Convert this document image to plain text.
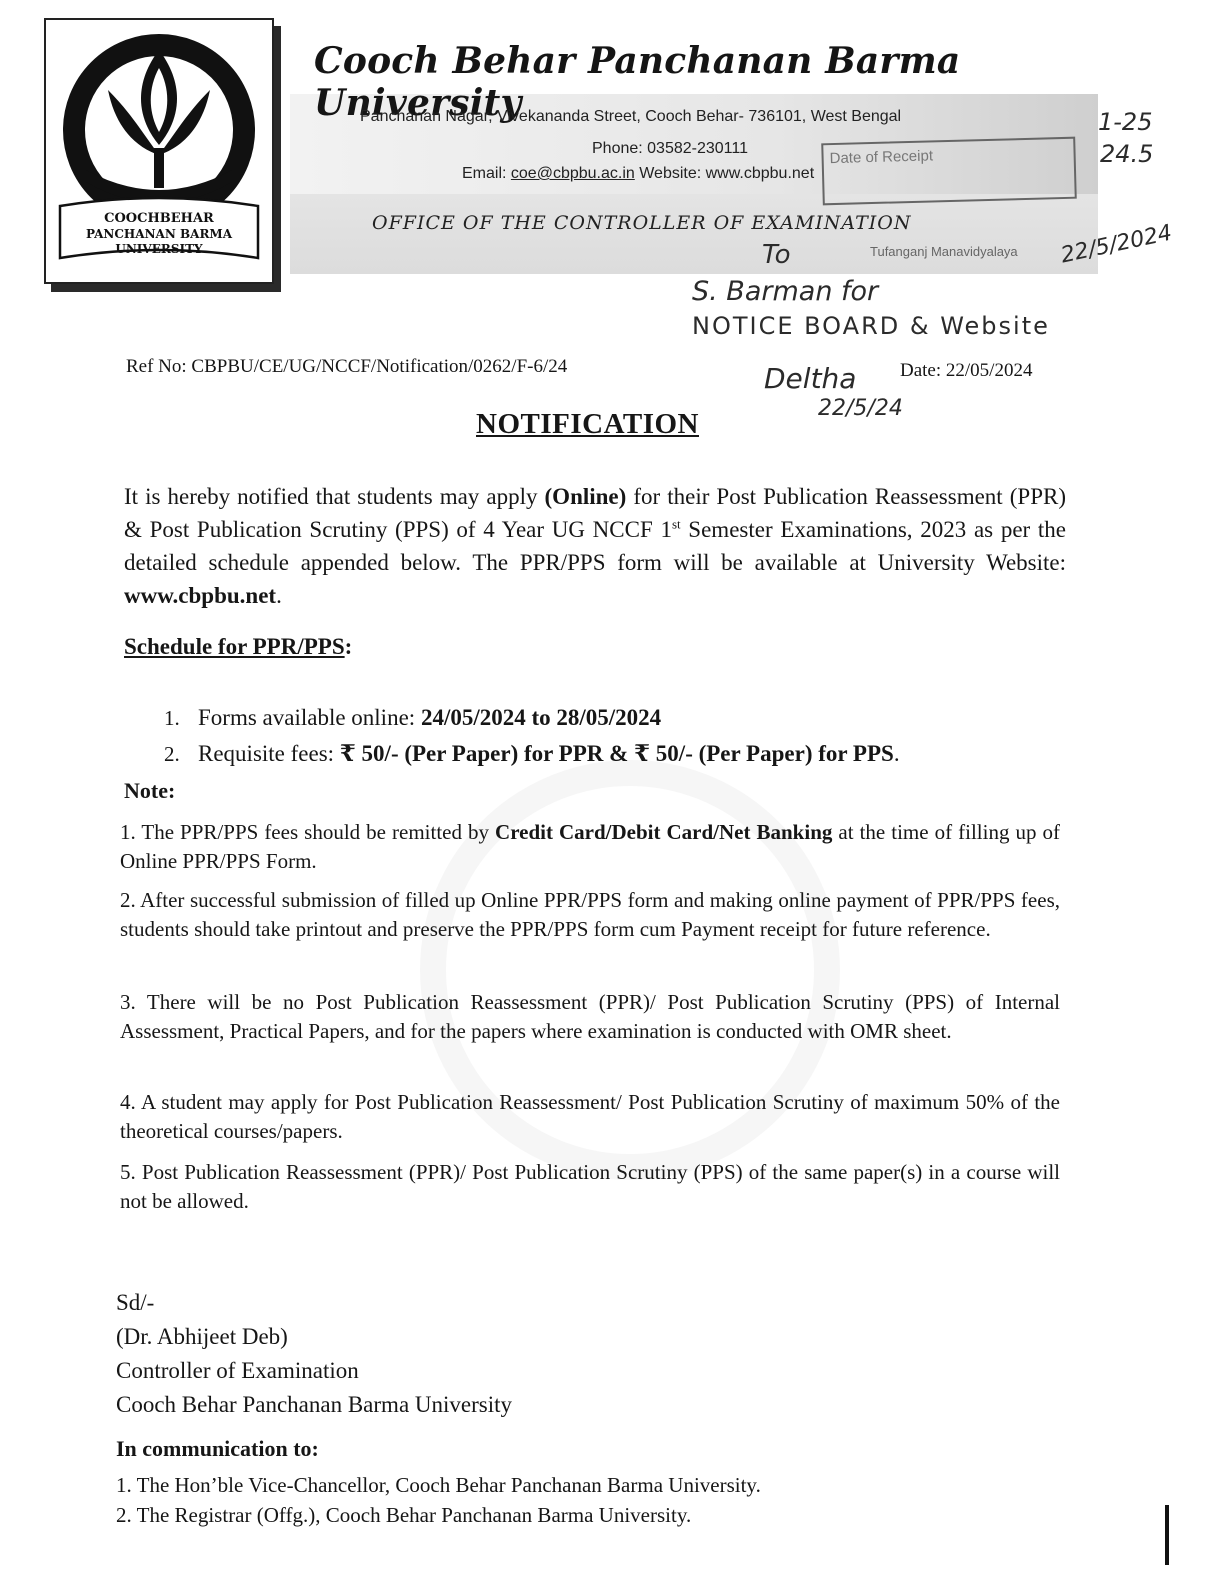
COOCHBEHAR
PANCHANAN BARMA
UNIVERSITY
Cooch Behar Panchanan Barma University
Panchanan Nagar, Vivekananda Street, Cooch Behar- 736101, West Bengal
Phone: 03582-230111
Email: coe@cbpbu.ac.in Website: www.cbpbu.net
OFFICE OF THE CONTROLLER OF EXAMINATION
Date of Receipt
Tufanganj Manavidyalaya
1-25
24.5
22/5/2024
To
S. Barman for
NOTICE BOARD & Website
Deltha
22/5/24
Ref No: CBPBU/CE/UG/NCCF/Notification/0262/F-6/24	Date: 22/05/2024
NOTIFICATION
It is hereby notified that students may apply (Online) for their Post Publication Reassessment (PPR) & Post Publication Scrutiny (PPS) of 4 Year UG NCCF 1st Semester Examinations, 2023 as per the detailed schedule appended below. The PPR/PPS form will be available at University Website: www.cbpbu.net.
Schedule for PPR/PPS:
1. Forms available online: 24/05/2024 to 28/05/2024
2. Requisite fees: ₹ 50/- (Per Paper) for PPR & ₹ 50/- (Per Paper) for PPS.
Note:
1. The PPR/PPS fees should be remitted by Credit Card/Debit Card/Net Banking at the time of filling up of Online PPR/PPS Form.
2. After successful submission of filled up Online PPR/PPS form and making online payment of PPR/PPS fees, students should take printout and preserve the PPR/PPS form cum Payment receipt for future reference.
3. There will be no Post Publication Reassessment (PPR)/ Post Publication Scrutiny (PPS) of Internal Assessment, Practical Papers, and for the papers where examination is conducted with OMR sheet.
4. A student may apply for Post Publication Reassessment/ Post Publication Scrutiny of maximum 50% of the theoretical courses/papers.
5. Post Publication Reassessment (PPR)/ Post Publication Scrutiny (PPS) of the same paper(s) in a course will not be allowed.
Sd/-
(Dr. Abhijeet Deb)
Controller of Examination
Cooch Behar Panchanan Barma University
In communication to:
1. The Hon’ble Vice-Chancellor, Cooch Behar Panchanan Barma University.
2. The Registrar (Offg.), Cooch Behar Panchanan Barma University.
